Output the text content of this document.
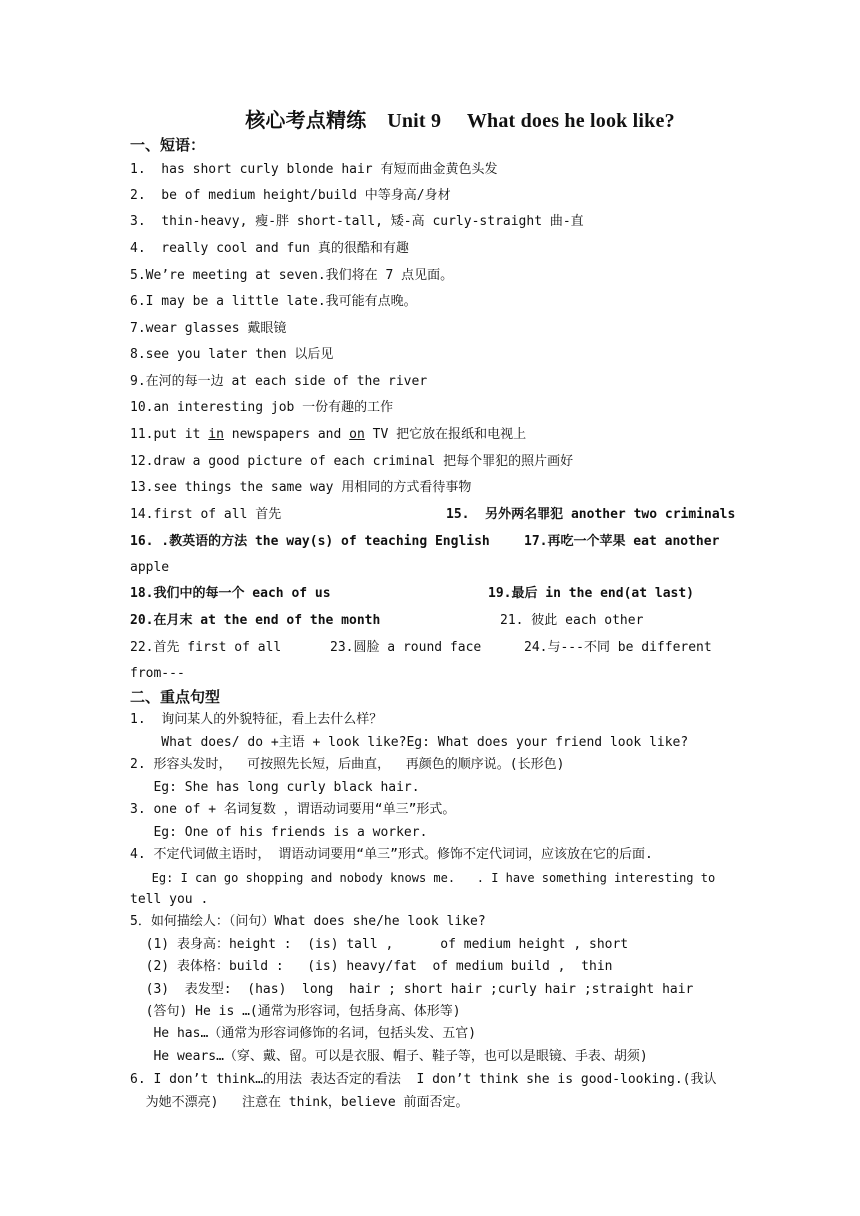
核心考点精练    Unit 9     What does he look like?
一、短语：
1.  has short curly blonde hair 有短而曲金黄色头发
2.  be of medium height/build 中等身高/身材
3.  thin-heavy, 瘦-胖 short-tall, 矮-高 curly-straight 曲-直
4.  really cool and fun 真的很酷和有趣
5.We’re meeting at seven.我们将在 7 点见面。
6.I may be a little late.我可能有点晚。
7.wear glasses 戴眼镜
8.see you later then 以后见
9.在河的每一边 at each side of the river
10.an interesting job 一份有趣的工作
11.put it in newspapers and on TV 把它放在报纸和电视上
12.draw a good picture of each criminal 把每个罪犯的照片画好
13.see things the same way 用相同的方式看待事物
14.first of all 首先	15.  另外两名罪犯 another two criminals
16. .教英语的方法 the way(s) of teaching English	17.再吃一个苹果 eat another
apple
18.我们中的每一个 each of us	19.最后 in the end(at last)
20.在月末 at the end of the month	21. 彼此 each other
22.首先 first of all	23.圆脸 a round face	24.与---不同 be different
from---
二、重点句型
1.  询问某人的外貌特征，看上去什么样？
What does/ do +主语 + look like?Eg: What does your friend look like?
2. 形容头发时，  可按照先长短，后曲直，  再颜色的顺序说。(长形色)
Eg: She has long curly black hair.
3. one of + 名词复数 ，谓语动词要用“单三”形式。
Eg: One of his friends is a worker.
4. 不定代词做主语时， 谓语动词要用“单三”形式。修饰不定代词词，应该放在它的后面.
Eg: I can go shopping and nobody knows me.   . I have something interesting to
tell you .
5．如何描绘人：（问句）What does she/he look like?
(1) 表身高：height :  (is) tall ,      of medium height , short
(2) 表体格：build :   (is) heavy/fat  of medium build ,  thin
(3)  表发型:  (has)  long  hair ; short hair ;curly hair ;straight hair
(答句) He is …(通常为形容词，包括身高、体形等)
He has…（通常为形容词修饰的名词，包括头发、五官)
He wears…（穿、戴、留。可以是衣服、帽子、鞋子等，也可以是眼镜、手表、胡须)
6. I don’t think…的用法 表达否定的看法  I don’t think she is good-looking.(我认
为她不漂亮)   注意在 think，believe 前面否定。
